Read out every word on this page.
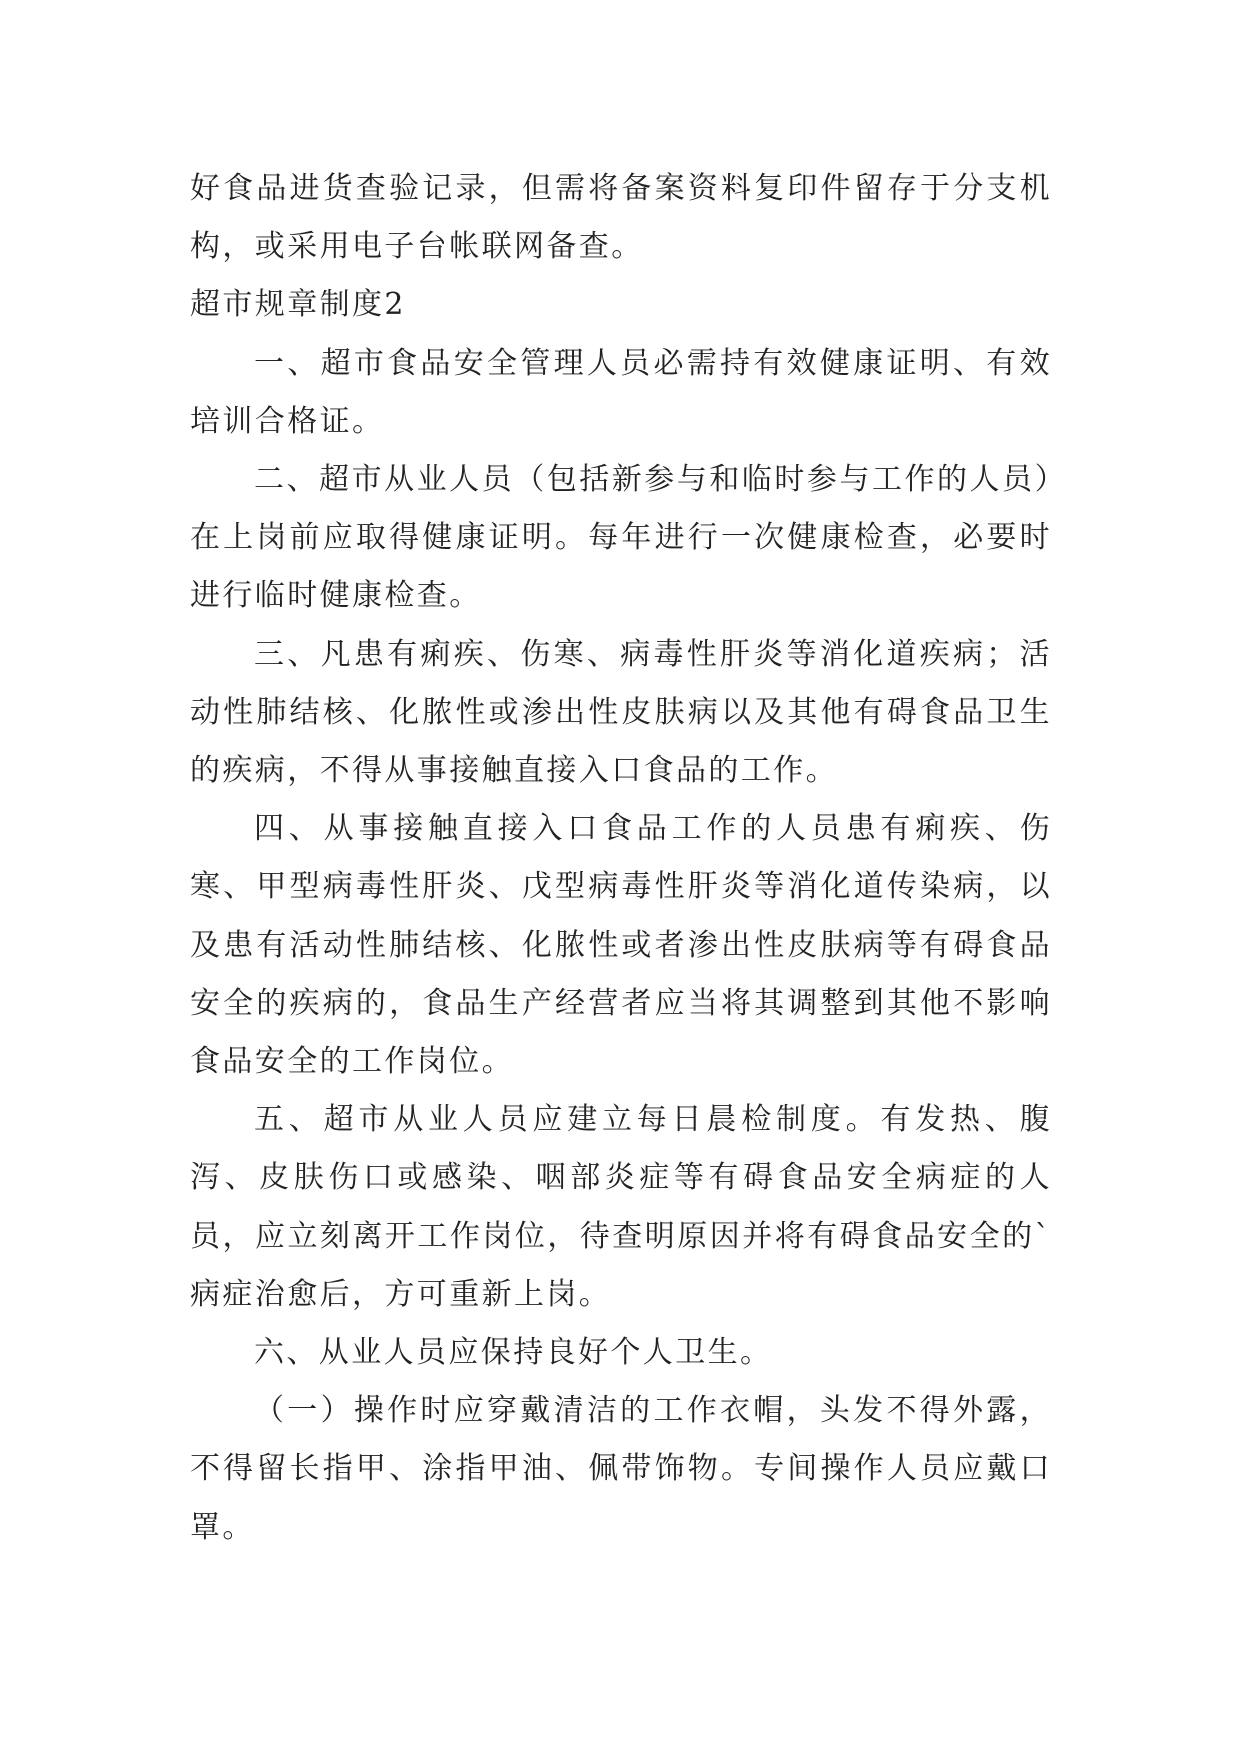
好食品进货查验记录，但需将备案资料复印件留存于分支机构，或采用电子台帐联网备查。

超市规章制度2

一、超市食品安全管理人员必需持有效健康证明、有效培训合格证。

二、超市从业人员（包括新参与和临时参与工作的人员）在上岗前应取得健康证明。每年进行一次健康检查，必要时进行临时健康检查。

三、凡患有痢疾、伤寒、病毒性肝炎等消化道疾病；活动性肺结核、化脓性或渗出性皮肤病以及其他有碍食品卫生的疾病，不得从事接触直接入口食品的工作。

四、从事接触直接入口食品工作的人员患有痢疾、伤寒、甲型病毒性肝炎、戊型病毒性肝炎等消化道传染病，以及患有活动性肺结核、化脓性或者渗出性皮肤病等有碍食品安全的疾病的，食品生产经营者应当将其调整到其他不影响食品安全的工作岗位。

五、超市从业人员应建立每日晨检制度。有发热、腹泻、皮肤伤口或感染、咽部炎症等有碍食品安全病症的人员，应立刻离开工作岗位，待查明原因并将有碍食品安全的`病症治愈后，方可重新上岗。

六、从业人员应保持良好个人卫生。

（一）操作时应穿戴清洁的工作衣帽，头发不得外露，不得留长指甲、涂指甲油、佩带饰物。专间操作人员应戴口罩。
